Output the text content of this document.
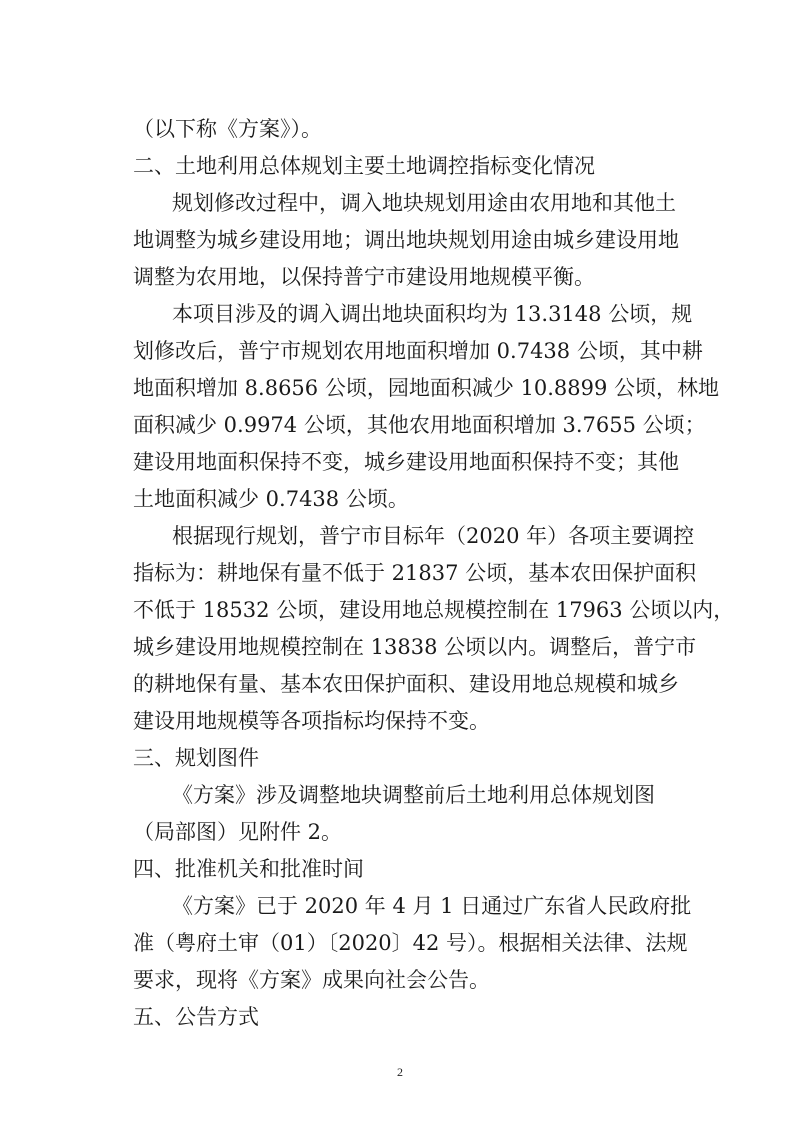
（以下称《方案》）。
二、土地利用总体规划主要土地调控指标变化情况
规划修改过程中，调入地块规划用途由农用地和其他土
地调整为城乡建设用地；调出地块规划用途由城乡建设用地
调整为农用地，以保持普宁市建设用地规模平衡。
本项目涉及的调入调出地块面积均为 13.3148 公顷，规
划修改后，普宁市规划农用地面积增加 0.7438 公顷，其中耕
地面积增加 8.8656 公顷，园地面积减少 10.8899 公顷，林地
面积减少 0.9974 公顷，其他农用地面积增加 3.7655 公顷；
建设用地面积保持不变，城乡建设用地面积保持不变；其他
土地面积减少 0.7438 公顷。
根据现行规划，普宁市目标年（2020 年）各项主要调控
指标为：耕地保有量不低于 21837 公顷，基本农田保护面积
不低于 18532 公顷，建设用地总规模控制在 17963 公顷以内，
城乡建设用地规模控制在 13838 公顷以内。调整后，普宁市
的耕地保有量、基本农田保护面积、建设用地总规模和城乡
建设用地规模等各项指标均保持不变。
三、规划图件
《方案》涉及调整地块调整前后土地利用总体规划图
（局部图）见附件 2。
四、批准机关和批准时间
《方案》已于 2020 年 4 月 1 日通过广东省人民政府批
准（粤府土审（01）〔2020〕42 号）。根据相关法律、法规
要求，现将《方案》成果向社会公告。
五、公告方式
2
